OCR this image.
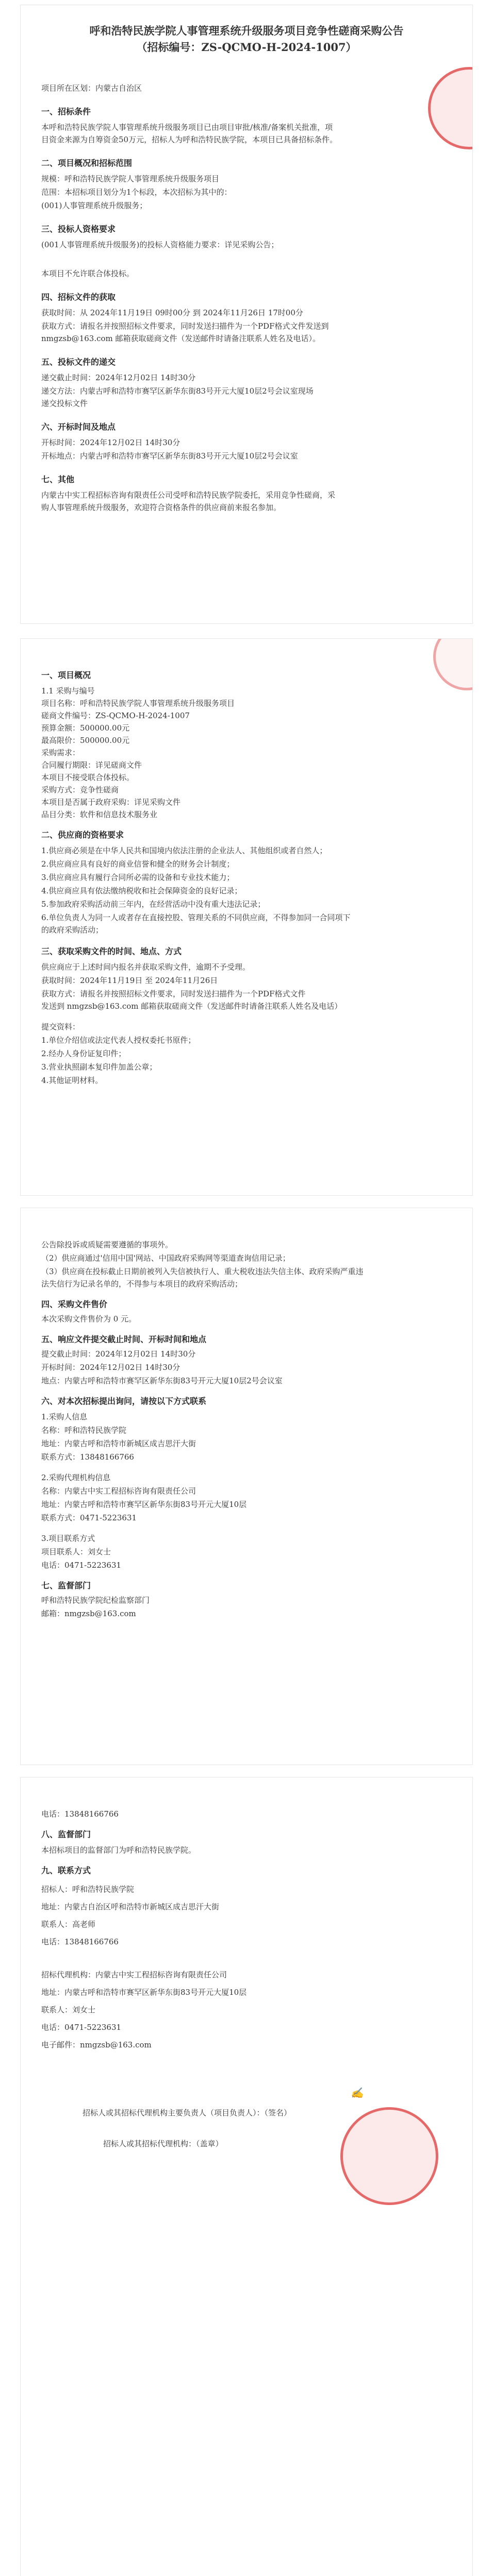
呼和浩特民族学院人事管理系统升级服务项目竞争性磋商采购公告
（招标编号：ZS-QCMO-H-2024-1007）
项目所在区划：内蒙古自治区
一、招标条件
本呼和浩特民族学院人事管理系统升级服务项目已由项目审批/核准/备案机关批准，项
目资金来源为自筹资金50万元，招标人为呼和浩特民族学院，本项目已具备招标条件。
二、项目概况和招标范围
规模：呼和浩特民族学院人事管理系统升级服务项目
范围：本招标项目划分为1个标段，本次招标为其中的：
(001)人事管理系统升级服务；
三、投标人资格要求
(001人事管理系统升级服务)的投标人资格能力要求：详见采购公告；
本项目不允许联合体投标。
四、招标文件的获取
获取时间：从 2024年11月19日 09时00分 到 2024年11月26日 17时00分
获取方式：请报名并按照招标文件要求，同时发送扫描件为一个PDF格式文件发送到
nmgzsb@163.com 邮箱获取磋商文件（发送邮件时请备注联系人姓名及电话）。
五、投标文件的递交
递交截止时间：2024年12月02日 14时30分
递交方法：内蒙古呼和浩特市赛罕区新华东街83号开元大厦10层2号会议室现场
递交投标文件
六、开标时间及地点
开标时间：2024年12月02日 14时30分
开标地点：内蒙古呼和浩特市赛罕区新华东街83号开元大厦10层2号会议室
七、其他
内蒙古中实工程招标咨询有限责任公司受呼和浩特民族学院委托，采用竞争性磋商，采
购人事管理系统升级服务，欢迎符合资格条件的供应商前来报名参加。
一、项目概况
1.1 采购与编号
项目名称：呼和浩特民族学院人事管理系统升级服务项目
磋商文件编号：ZS-QCMO-H-2024-1007
预算金额：500000.00元
最高限价：500000.00元
采购需求：
合同履行期限：详见磋商文件
本项目不接受联合体投标。
采购方式：竞争性磋商
本项目是否属于政府采购：详见采购文件
品目分类：软件和信息技术服务业
二、供应商的资格要求
1.供应商必须是在中华人民共和国境内依法注册的企业法人、其他组织或者自然人；
2.供应商应具有良好的商业信誉和健全的财务会计制度；
3.供应商应具有履行合同所必需的设备和专业技术能力；
4.供应商应具有依法缴纳税收和社会保障资金的良好记录；
5.参加政府采购活动前三年内，在经营活动中没有重大违法记录；
6.单位负责人为同一人或者存在直接控股、管理关系的不同供应商，不得参加同一合同项下
的政府采购活动；
三、获取采购文件的时间、地点、方式
供应商应于上述时间内报名并获取采购文件，逾期不予受理。
获取时间：2024年11月19日 至 2024年11月26日
获取方式：请报名并按照招标文件要求，同时发送扫描件为一个PDF格式文件
发送到 nmgzsb@163.com 邮箱获取磋商文件（发送邮件时请备注联系人姓名及电话）
提交资料：
1.单位介绍信或法定代表人授权委托书原件；
2.经办人身份证复印件；
3.营业执照副本复印件加盖公章；
4.其他证明材料。
公告除投诉或质疑需要遵循的事项外。
（2）供应商通过'信用中国'网站、中国政府采购网等渠道查询信用记录；
（3）供应商在投标截止日期前被列入失信被执行人、重大税收违法失信主体、政府采购严重违
法失信行为记录名单的，不得参与本项目的政府采购活动；
四、采购文件售价
本次采购文件售价为 0 元。
五、响应文件提交截止时间、开标时间和地点
提交截止时间：2024年12月02日 14时30分
开标时间：2024年12月02日 14时30分
地点：内蒙古呼和浩特市赛罕区新华东街83号开元大厦10层2号会议室
六、对本次招标提出询问，请按以下方式联系
1.采购人信息
名称：呼和浩特民族学院
地址：内蒙古呼和浩特市新城区成吉思汗大街
联系方式：13848166766
2.采购代理机构信息
名称：内蒙古中实工程招标咨询有限责任公司
地址：内蒙古呼和浩特市赛罕区新华东街83号开元大厦10层
联系方式：0471-5223631
3.项目联系方式
项目联系人：刘女士
电话：0471-5223631
七、监督部门
呼和浩特民族学院纪检监察部门
邮箱：nmgzsb@163.com
电话：13848166766
八、监督部门
本招标项目的监督部门为呼和浩特民族学院。
九、联系方式
招标人：呼和浩特民族学院
地址：内蒙古自治区呼和浩特市新城区成吉思汗大街
联系人：高老师
电话：13848166766
招标代理机构：内蒙古中实工程招标咨询有限责任公司
地址：内蒙古呼和浩特市赛罕区新华东街83号开元大厦10层
联系人：刘女士
电话：0471-5223631
电子邮件：nmgzsb@163.com
招标人或其招标代理机构主要负责人（项目负责人）：（签名）
招标人或其招标代理机构：（盖章）
✍
